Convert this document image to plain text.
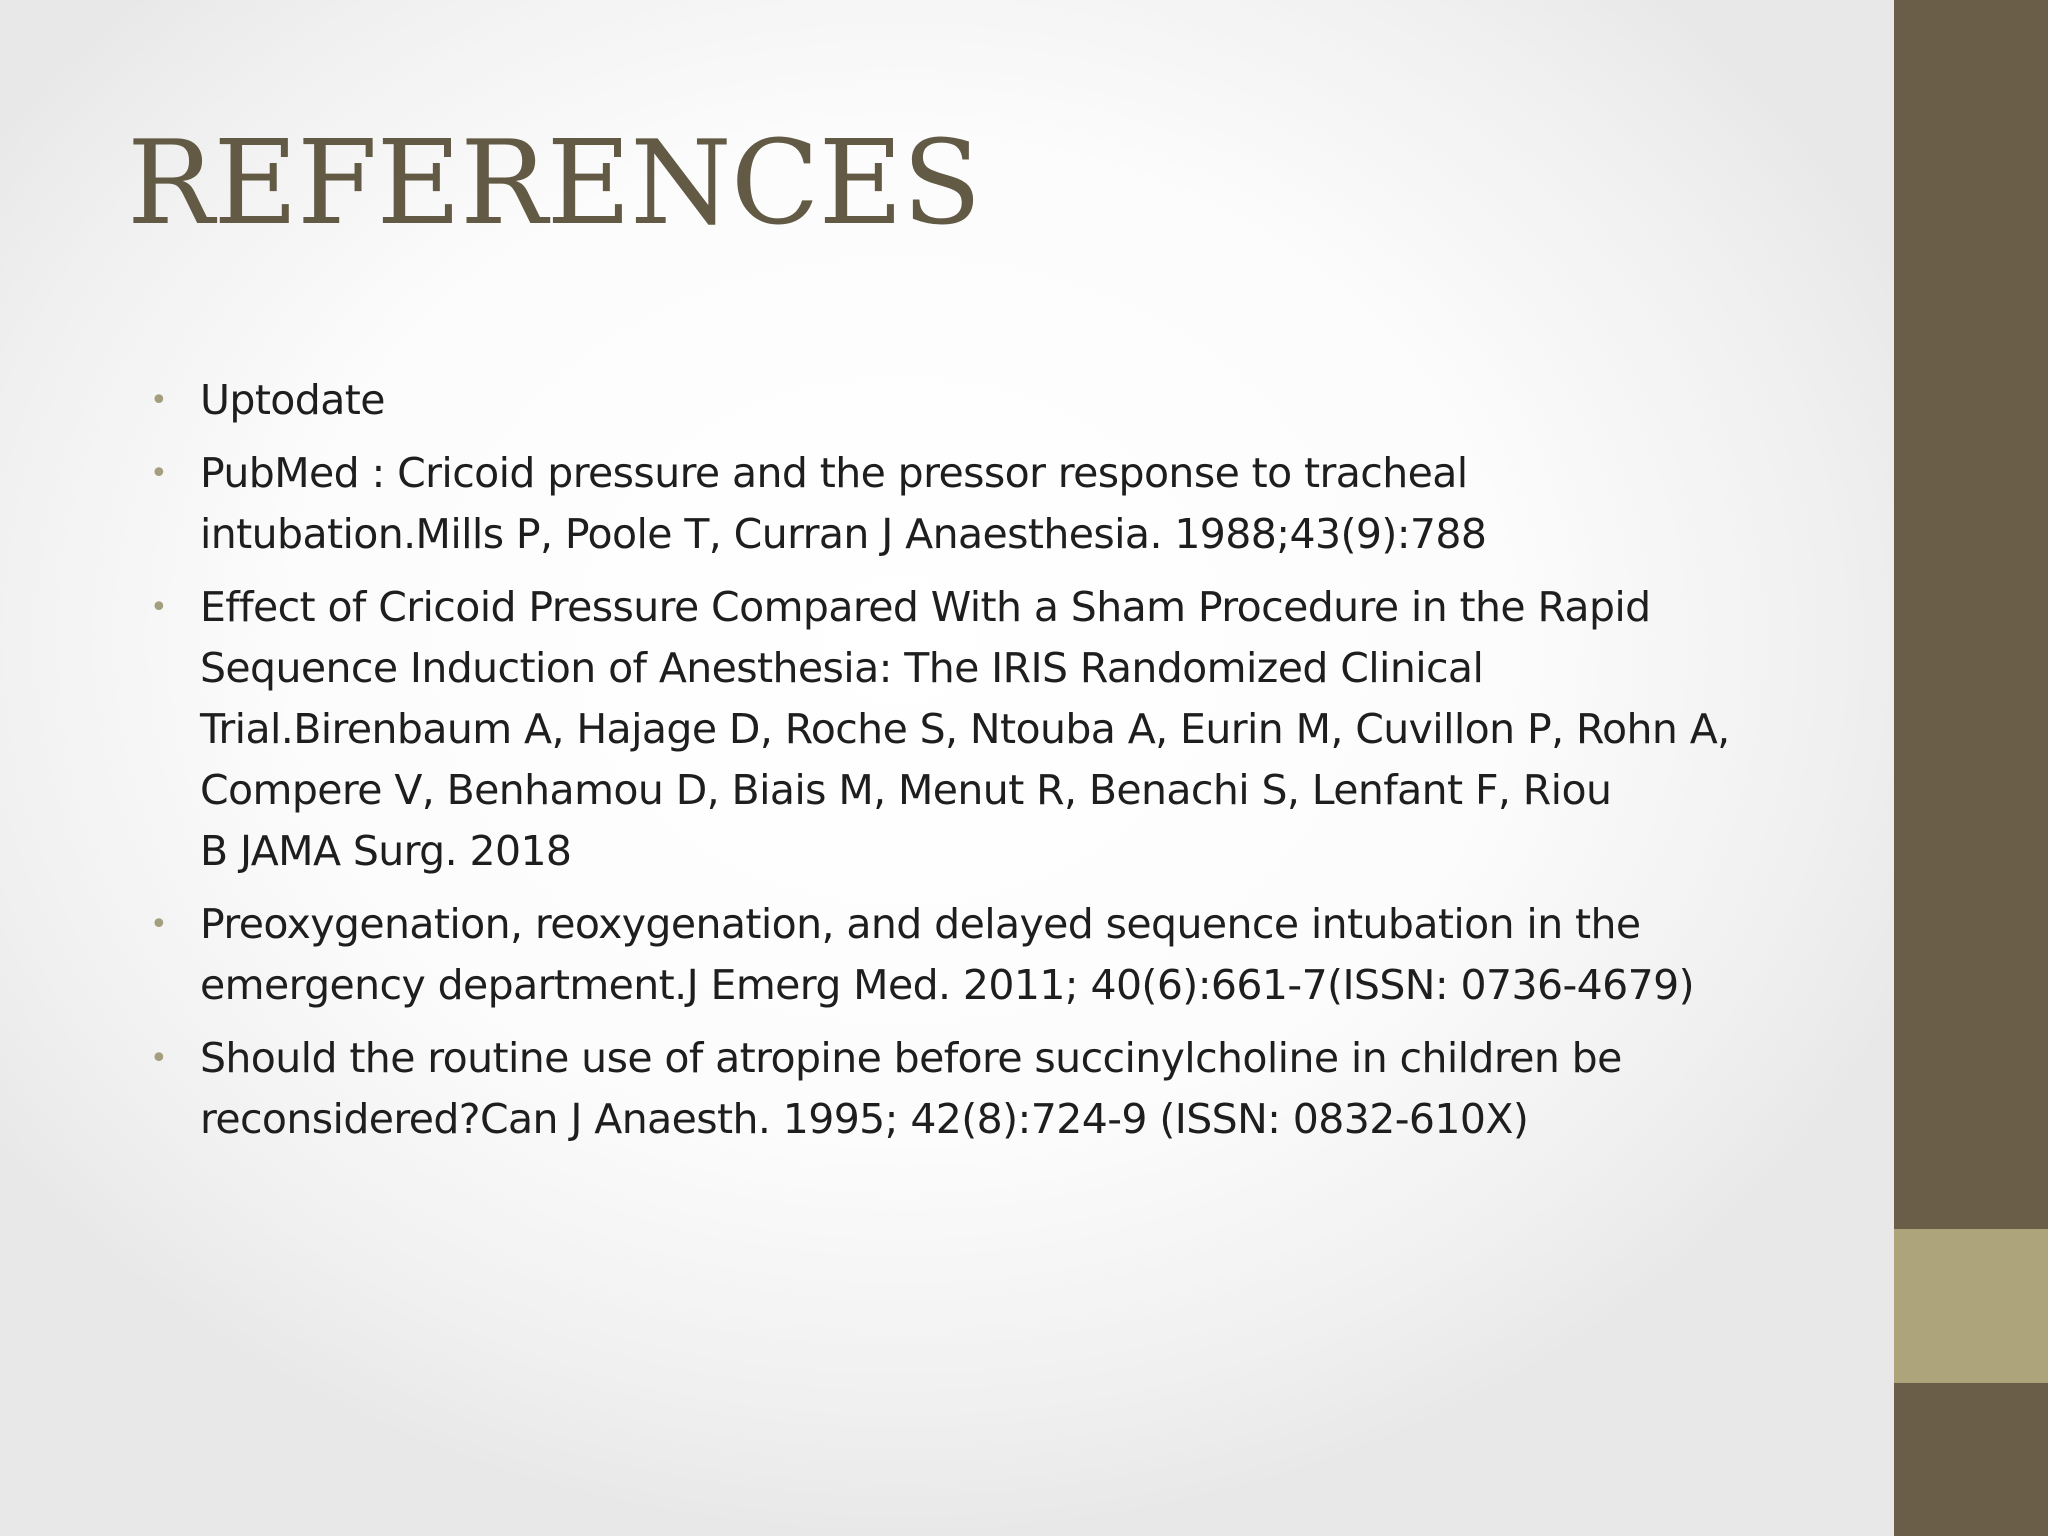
REFERENCES
• Uptodate
• PubMed : Cricoid pressure and the pressor response to tracheal
intubation.Mills P, Poole T, Curran J Anaesthesia. 1988;43(9):788
• Effect of Cricoid Pressure Compared With a Sham Procedure in the Rapid
Sequence Induction of Anesthesia: The IRIS Randomized Clinical
Trial.Birenbaum A, Hajage D, Roche S, Ntouba A, Eurin M, Cuvillon P, Rohn A,
Compere V, Benhamou D, Biais M, Menut R, Benachi S, Lenfant F, Riou
B JAMA Surg. 2018
• Preoxygenation, reoxygenation, and delayed sequence intubation in the
emergency department.J Emerg Med. 2011; 40(6):661-7(ISSN: 0736-4679)
• Should the routine use of atropine before succinylcholine in children be
reconsidered?Can J Anaesth. 1995; 42(8):724-9 (ISSN: 0832-610X)
